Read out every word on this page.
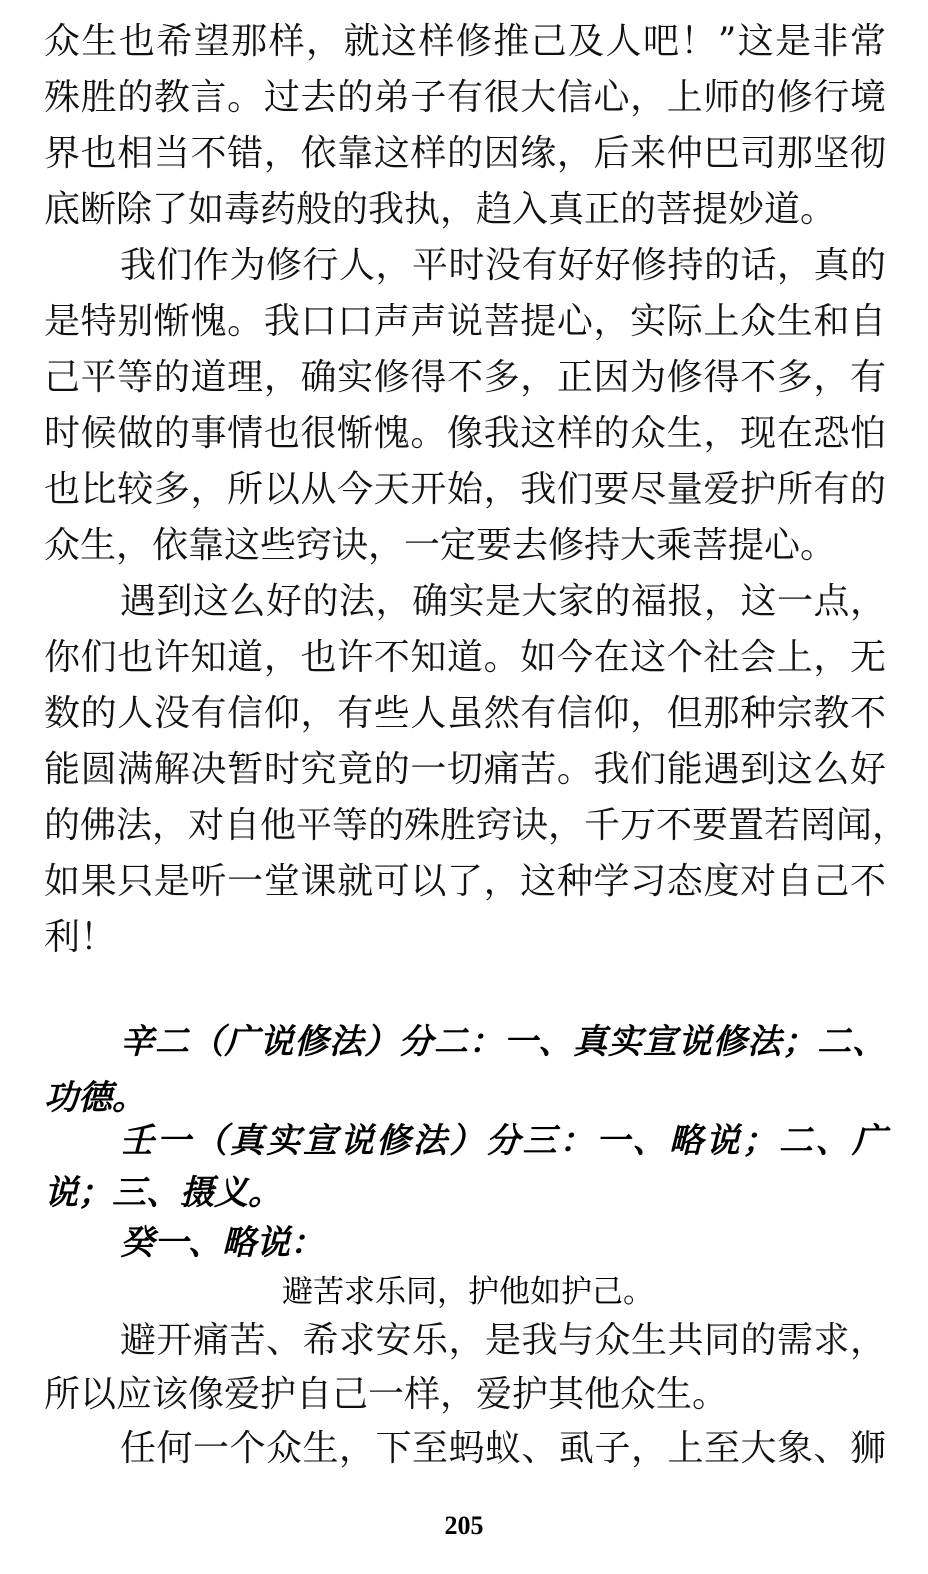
众生也希望那样，就这样修推己及人吧！”这是非常
殊胜的教言。过去的弟子有很大信心，上师的修行境
界也相当不错，依靠这样的因缘，后来仲巴司那坚彻
底断除了如毒药般的我执，趋入真正的菩提妙道。
我们作为修行人，平时没有好好修持的话，真的
是特别惭愧。我口口声声说菩提心，实际上众生和自
己平等的道理，确实修得不多，正因为修得不多，有
时候做的事情也很惭愧。像我这样的众生，现在恐怕
也比较多，所以从今天开始，我们要尽量爱护所有的
众生，依靠这些窍诀，一定要去修持大乘菩提心。
遇到这么好的法，确实是大家的福报，这一点，
你们也许知道，也许不知道。如今在这个社会上，无
数的人没有信仰，有些人虽然有信仰，但那种宗教不
能圆满解决暂时究竟的一切痛苦。我们能遇到这么好
的佛法，对自他平等的殊胜窍诀，千万不要置若罔闻，
如果只是听一堂课就可以了，这种学习态度对自己不
利！
辛二（广说修法）分二：一、真实宣说修法；二、
功德。
壬一（真实宣说修法）分三：一、略说；二、广
说；三、摄义。
癸一、略说：
避苦求乐同，护他如护己。
避开痛苦、希求安乐，是我与众生共同的需求，
所以应该像爱护自己一样，爱护其他众生。
任何一个众生，下至蚂蚁、虱子，上至大象、狮
205
